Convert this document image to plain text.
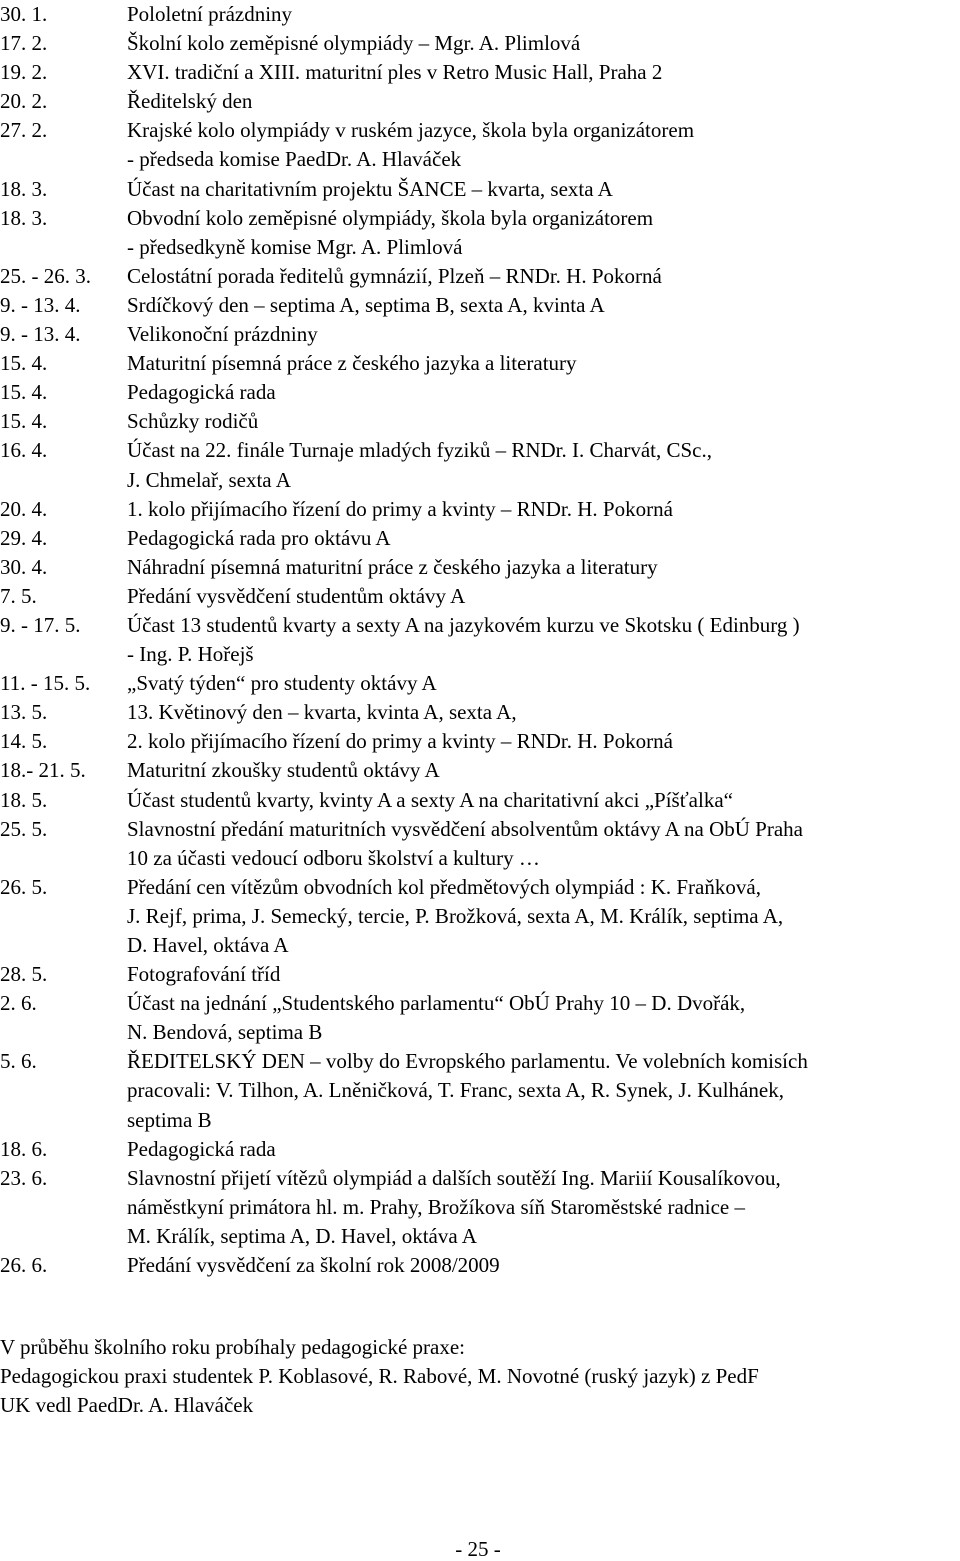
30. 1.	Pololetní prázdniny
17. 2.	Školní kolo zeměpisné olympiády – Mgr. A. Plimlová
19. 2.	XVI. tradiční a XIII. maturitní ples v Retro Music Hall, Praha 2
20. 2.	Ředitelský den
27. 2.	Krajské kolo olympiády v ruském jazyce, škola byla organizátorem
- předseda komise PaedDr. A. Hlaváček
18. 3.	Účast na charitativním projektu ŠANCE – kvarta, sexta A
18. 3.	Obvodní kolo zeměpisné olympiády, škola byla organizátorem
- předsedkyně komise Mgr. A. Plimlová
25. - 26. 3.	Celostátní porada ředitelů gymnázií, Plzeň – RNDr. H. Pokorná
9. - 13. 4.	Srdíčkový den – septima A, septima B, sexta A, kvinta A
9. - 13. 4.	Velikonoční prázdniny
15. 4.	Maturitní písemná práce z českého jazyka a literatury
15. 4.	Pedagogická rada
15. 4.	Schůzky rodičů
16. 4.	Účast na 22. finále Turnaje mladých fyziků – RNDr. I. Charvát, CSc.,
J. Chmelař, sexta A
20. 4.	1. kolo přijímacího řízení do primy a kvinty – RNDr. H. Pokorná
29. 4.	Pedagogická rada pro oktávu A
30. 4.	Náhradní písemná maturitní práce z českého jazyka a literatury
7. 5.	Předání vysvědčení studentům oktávy A
9. - 17. 5.	Účast 13 studentů kvarty a sexty A na jazykovém kurzu ve Skotsku ( Edinburg )
- Ing. P. Hořejš
11. - 15. 5.	„Svatý týden“ pro studenty oktávy A
13. 5.	13. Květinový den – kvarta, kvinta A, sexta A,
14. 5.	2. kolo přijímacího řízení do primy a kvinty – RNDr. H. Pokorná
18.- 21. 5.	Maturitní zkoušky studentů oktávy A
18. 5.	Účast studentů kvarty, kvinty A a sexty A na charitativní akci „Píšťalka“
25. 5.	Slavnostní předání maturitních vysvědčení absolventům oktávy A na ObÚ Praha
10 za účasti vedoucí odboru školství a kultury …
26. 5.	Předání cen vítězům obvodních kol předmětových olympiád : K. Fraňková,
J. Rejf, prima, J. Semecký, tercie, P. Brožková, sexta A, M. Králík, septima A,
D. Havel, oktáva A
28. 5.	Fotografování tříd
2. 6.	Účast na jednání „Studentského parlamentu“ ObÚ Prahy 10 – D. Dvořák,
N. Bendová, septima B
5. 6.	ŘEDITELSKÝ DEN – volby do Evropského parlamentu. Ve volebních komisích
pracovali: V. Tilhon, A. Lněničková, T. Franc, sexta A, R. Synek, J. Kulhánek,
septima B
18. 6.	Pedagogická rada
23. 6.	Slavnostní přijetí vítězů olympiád a dalších soutěží Ing. Mariií Kousalíkovou,
náměstkyní primátora hl. m. Prahy, Brožíkova síň Staroměstské radnice –
M. Králík, septima A, D. Havel, oktáva A
26. 6.	Předání vysvědčení za školní rok 2008/2009
V průběhu školního roku probíhaly pedagogické praxe:
Pedagogickou praxi studentek P. Koblasové, R. Rabové, M. Novotné (ruský jazyk) z PedF
UK vedl PaedDr. A. Hlaváček
- 25 -
